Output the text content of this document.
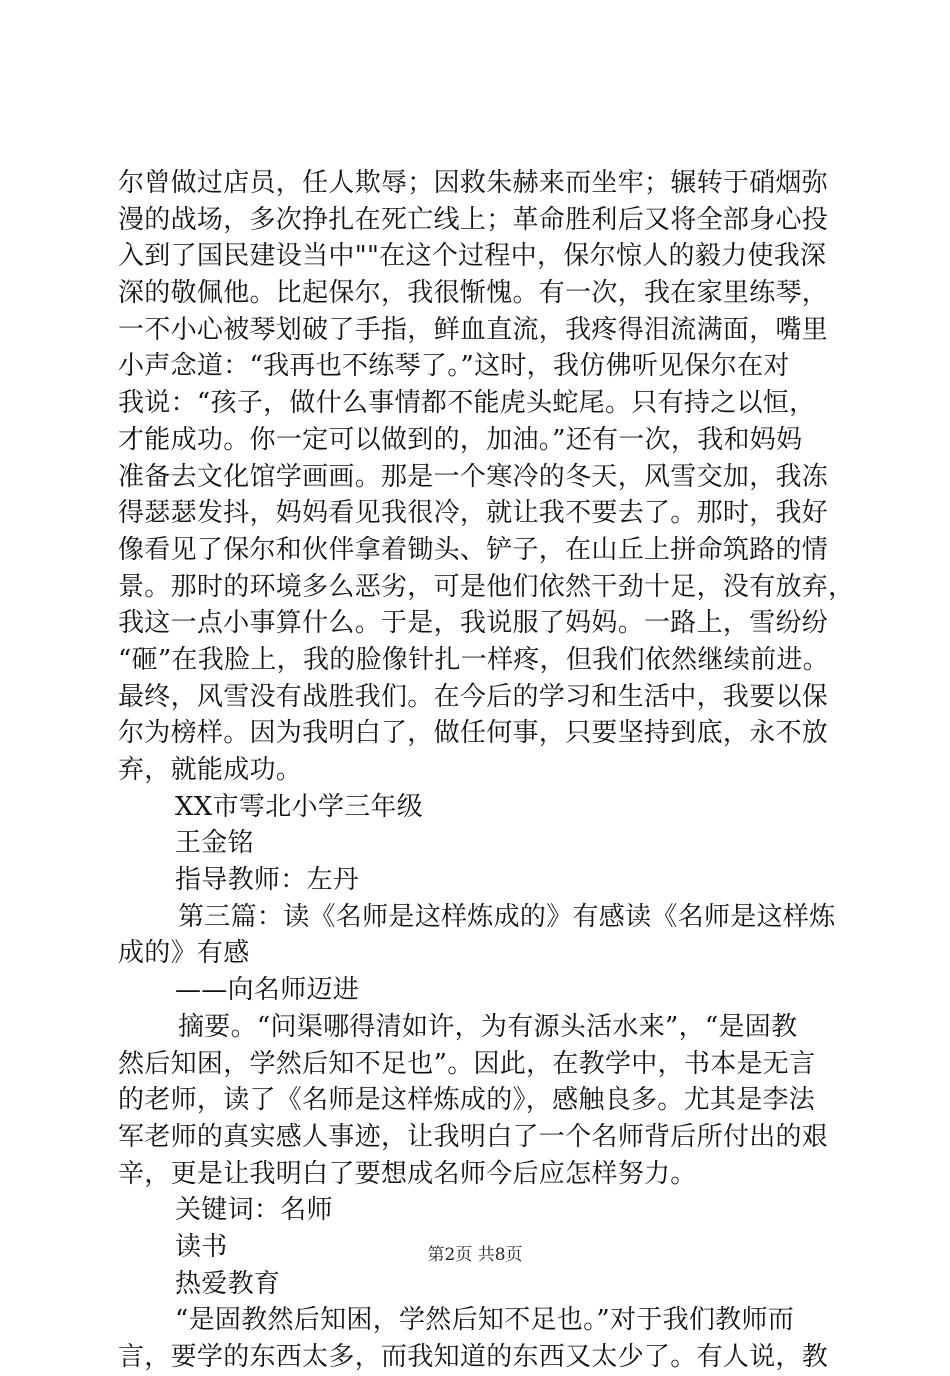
尔曾做过店员，任人欺辱；因救朱赫来而坐牢；辗转于硝烟弥
漫的战场，多次挣扎在死亡线上；革命胜利后又将全部身心投
入到了国民建设当中""在这个过程中，保尔惊人的毅力使我深
深的敬佩他。比起保尔，我很惭愧。有一次，我在家里练琴，
一不小心被琴划破了手指，鲜血直流，我疼得泪流满面，嘴里
小声念道：“我再也不练琴了。”这时，我仿佛听见保尔在对
我说：“孩子，做什么事情都不能虎头蛇尾。只有持之以恒，
才能成功。你一定可以做到的，加油。”还有一次，我和妈妈
准备去文化馆学画画。那是一个寒冷的冬天，风雪交加，我冻
得瑟瑟发抖，妈妈看见我很冷，就让我不要去了。那时，我好
像看见了保尔和伙伴拿着锄头、铲子，在山丘上拼命筑路的情
景。那时的环境多么恶劣，可是他们依然干劲十足，没有放弃，
我这一点小事算什么。于是，我说服了妈妈。一路上，雪纷纷
“砸”在我脸上，我的脸像针扎一样疼，但我们依然继续前进。
最终，风雪没有战胜我们。在今后的学习和生活中，我要以保
尔为榜样。因为我明白了，做任何事，只要坚持到底，永不放
弃，就能成功。
XX市雩北小学三年级
王金铭
指导教师：左丹
第三篇：读《名师是这样炼成的》有感读《名师是这样炼
成的》有感
——向名师迈进
摘要。“问渠哪得清如许，为有源头活水来”，“是固教
然后知困，学然后知不足也”。因此，在教学中，书本是无言
的老师，读了《名师是这样炼成的》，感触良多。尤其是李法
军老师的真实感人事迹，让我明白了一个名师背后所付出的艰
辛，更是让我明白了要想成名师今后应怎样努力。
关键词：名师
读书
热爱教育
“是固教然后知困，学然后知不足也。”对于我们教师而
言，要学的东西太多，而我知道的东西又太少了。有人说，教
第2页 共8页
